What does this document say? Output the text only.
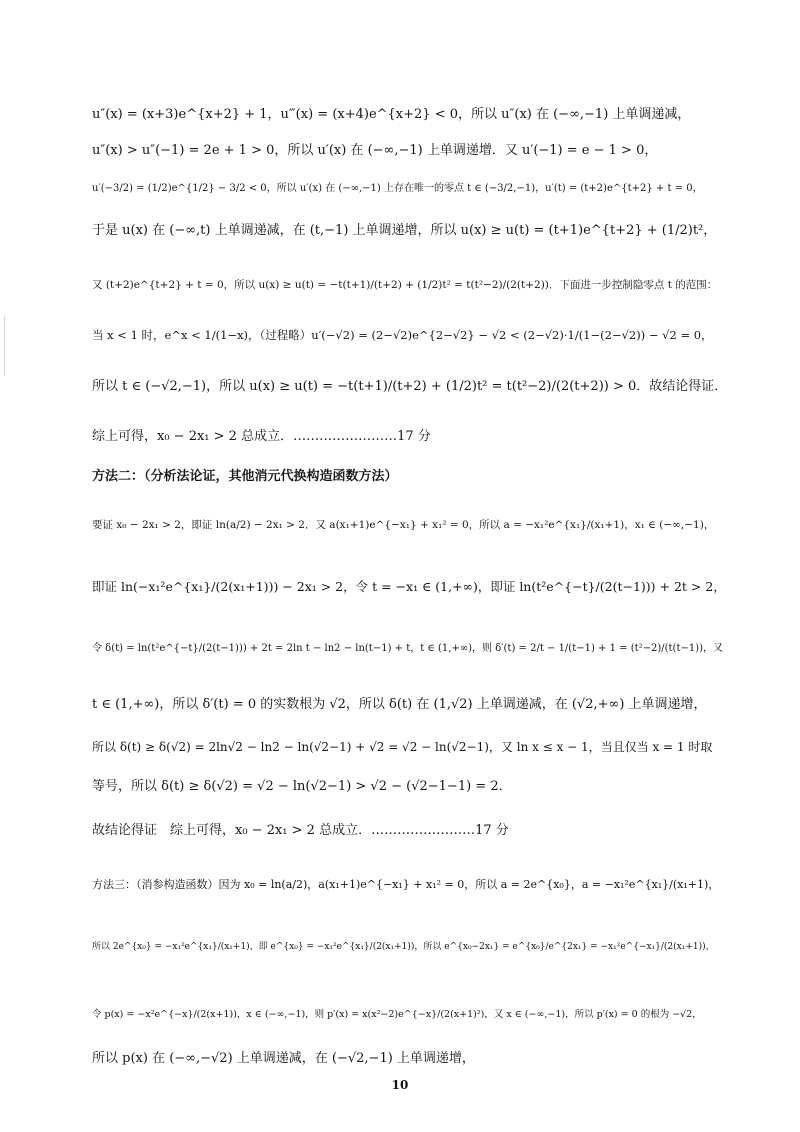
u″(x) = (x+3)e^{x+2} + 1，u‴(x) = (x+4)e^{x+2} < 0，所以 u″(x) 在 (−∞,−1) 上单调递减，
u″(x) > u″(−1) = 2e + 1 > 0，所以 u′(x) 在 (−∞,−1) 上单调递增．又 u′(−1) = e − 1 > 0，
u′(−3/2) = (1/2)e^{1/2} − 3/2 < 0，所以 u′(x) 在 (−∞,−1) 上存在唯一的零点 t ∈ (−3/2,−1)，u′(t) = (t+2)e^{t+2} + t = 0，
于是 u(x) 在 (−∞,t) 上单调递减，在 (t,−1) 上单调递增，所以 u(x) ≥ u(t) = (t+1)e^{t+2} + (1/2)t²，
又 (t+2)e^{t+2} + t = 0，所以 u(x) ≥ u(t) = −t(t+1)/(t+2) + (1/2)t² = t(t²−2)/(2(t+2))．下面进一步控制隐零点 t 的范围：
当 x < 1 时，e^x < 1/(1−x)，（过程略）u′(−√2) = (2−√2)e^{2−√2} − √2 < (2−√2)·1/(1−(2−√2)) − √2 = 0，
所以 t ∈ (−√2,−1)，所以 u(x) ≥ u(t) = −t(t+1)/(t+2) + (1/2)t² = t(t²−2)/(2(t+2)) > 0．故结论得证．
综上可得，x₀ − 2x₁ > 2 总成立．……………………17 分
方法二：（分析法论证，其他消元代换构造函数方法）
要证 x₀ − 2x₁ > 2，即证 ln(a/2) − 2x₁ > 2．又 a(x₁+1)e^{−x₁} + x₁² = 0，所以 a = −x₁²e^{x₁}/(x₁+1)，x₁ ∈ (−∞,−1)，
即证 ln(−x₁²e^{x₁}/(2(x₁+1))) − 2x₁ > 2，令 t = −x₁ ∈ (1,+∞)，即证 ln(t²e^{−t}/(2(t−1))) + 2t > 2，
令 δ(t) = ln(t²e^{−t}/(2(t−1))) + 2t = 2ln t − ln2 − ln(t−1) + t，t ∈ (1,+∞)，则 δ′(t) = 2/t − 1/(t−1) + 1 = (t²−2)/(t(t−1))，又
t ∈ (1,+∞)，所以 δ′(t) = 0 的实数根为 √2，所以 δ(t) 在 (1,√2) 上单调递减，在 (√2,+∞) 上单调递增，
所以 δ(t) ≥ δ(√2) = 2ln√2 − ln2 − ln(√2−1) + √2 = √2 − ln(√2−1)，又 ln x ≤ x − 1，当且仅当 x = 1 时取
等号，所以 δ(t) ≥ δ(√2) = √2 − ln(√2−1) > √2 − (√2−1−1) = 2．
故结论得证　综上可得，x₀ − 2x₁ > 2 总成立．……………………17 分
方法三：（消参构造函数）因为 x₀ = ln(a/2)，a(x₁+1)e^{−x₁} + x₁² = 0，所以 a = 2e^{x₀}，a = −x₁²e^{x₁}/(x₁+1)，
所以 2e^{x₀} = −x₁²e^{x₁}/(x₁+1)，即 e^{x₀} = −x₁²e^{x₁}/(2(x₁+1))，所以 e^{x₀−2x₁} = e^{x₀}/e^{2x₁} = −x₁²e^{−x₁}/(2(x₁+1))，
令 p(x) = −x²e^{−x}/(2(x+1))，x ∈ (−∞,−1)，则 p′(x) = x(x²−2)e^{−x}/(2(x+1)²)，又 x ∈ (−∞,−1)，所以 p′(x) = 0 的根为 −√2，
所以 p(x) 在 (−∞,−√2) 上单调递减，在 (−√2,−1) 上单调递增，
10
